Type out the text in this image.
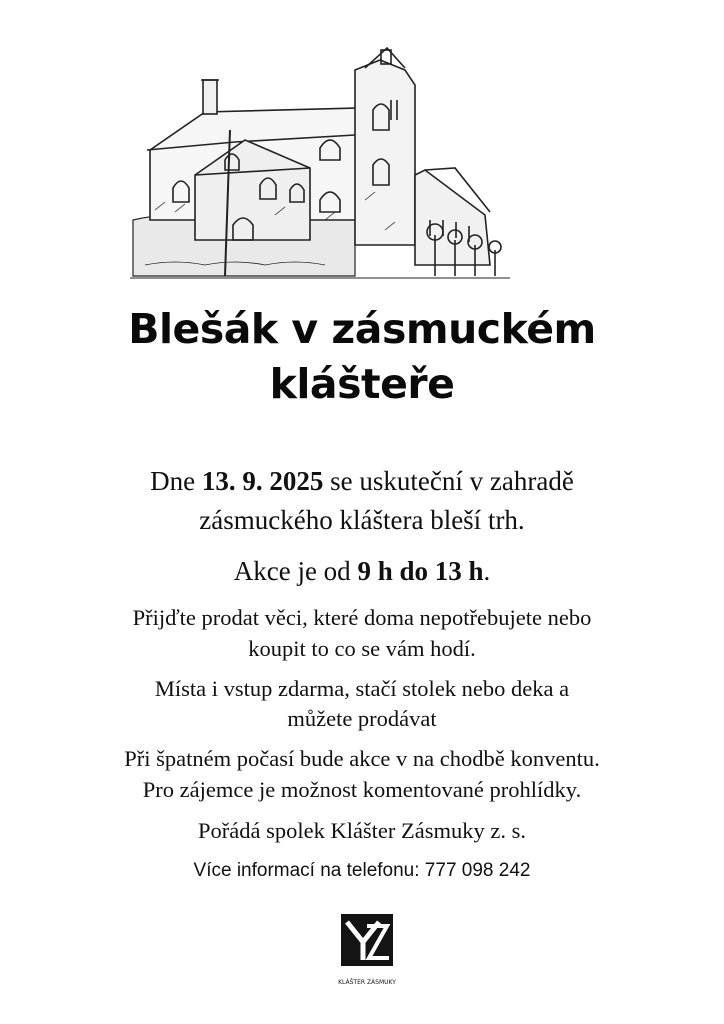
Blešák v zásmuckém
klášteře
Dne 13. 9. 2025 se uskuteční v zahradě
zásmuckého kláštera bleší trh.
Akce je od 9 h do 13 h.
Přijďte prodat věci, které doma nepotřebujete nebo
koupit to co se vám hodí.
Místa i vstup zdarma, stačí stolek nebo deka a
můžete prodávat
Při špatném počasí bude akce v na chodbě konventu.
Pro zájemce je možnost komentované prohlídky.
Pořádá spolek Klášter Zásmuky z. s.
Více informací na telefonu: 777 098 242
KLÁŠTER ZÁSMUKY
